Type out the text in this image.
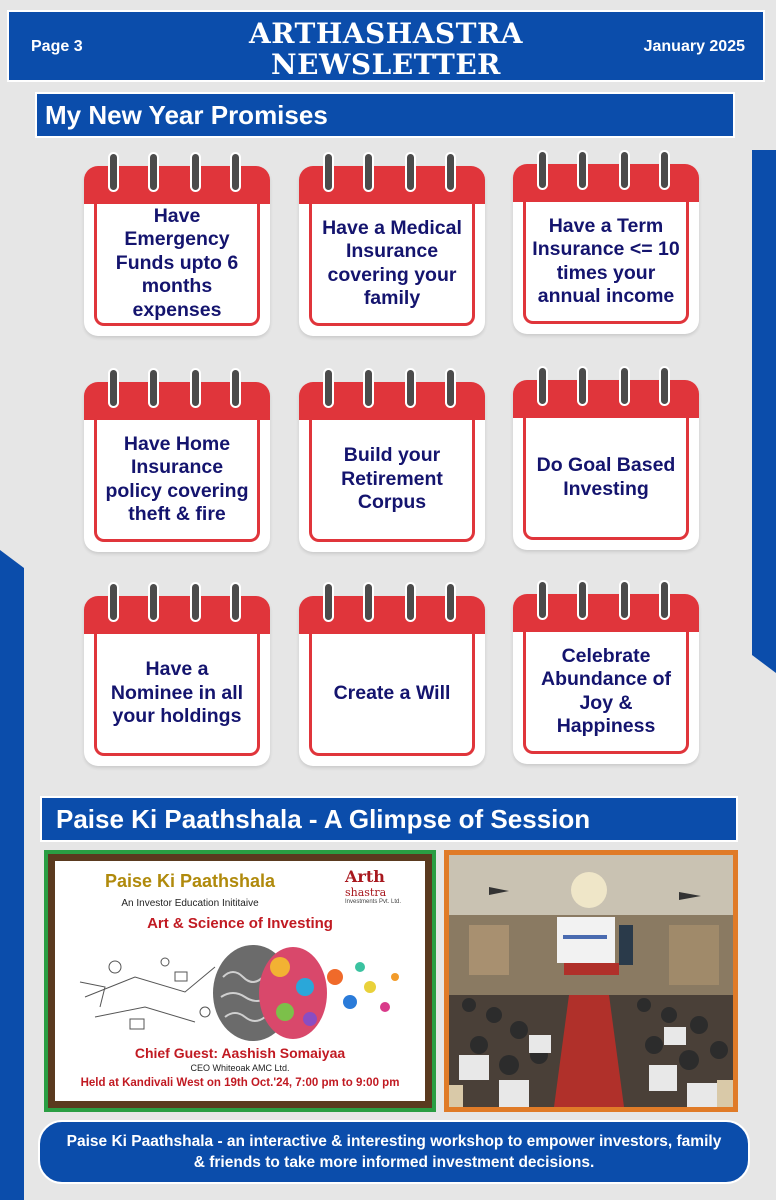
Page 3	ARTHASHASTRA
NEWSLETTER
January 2025
My New Year Promises
Have Emergency Funds upto 6 months expenses
Have a Medical Insurance covering your family
Have a Term Insurance <= 10 times your annual income
Have Home Insurance policy covering theft & fire
Build your Retirement Corpus
Do Goal Based Investing
Have a Nominee in all your holdings
Create a Will
Celebrate Abundance of Joy & Happiness
Paise Ki Paathshala - A Glimpse of Session
Paise Ki Paathshala
An Investor Education Inititaive
Arth
shastra
Investments Pvt. Ltd.
Art & Science of Investing
Chief Guest: Aashish Somaiyaa
CEO Whiteoak AMC Ltd.
Held at Kandivali West on 19th Oct.'24, 7:00 pm to 9:00 pm
Paise Ki Paathshala - an interactive & interesting workshop to empower investors, family & friends to take more informed investment decisions.
